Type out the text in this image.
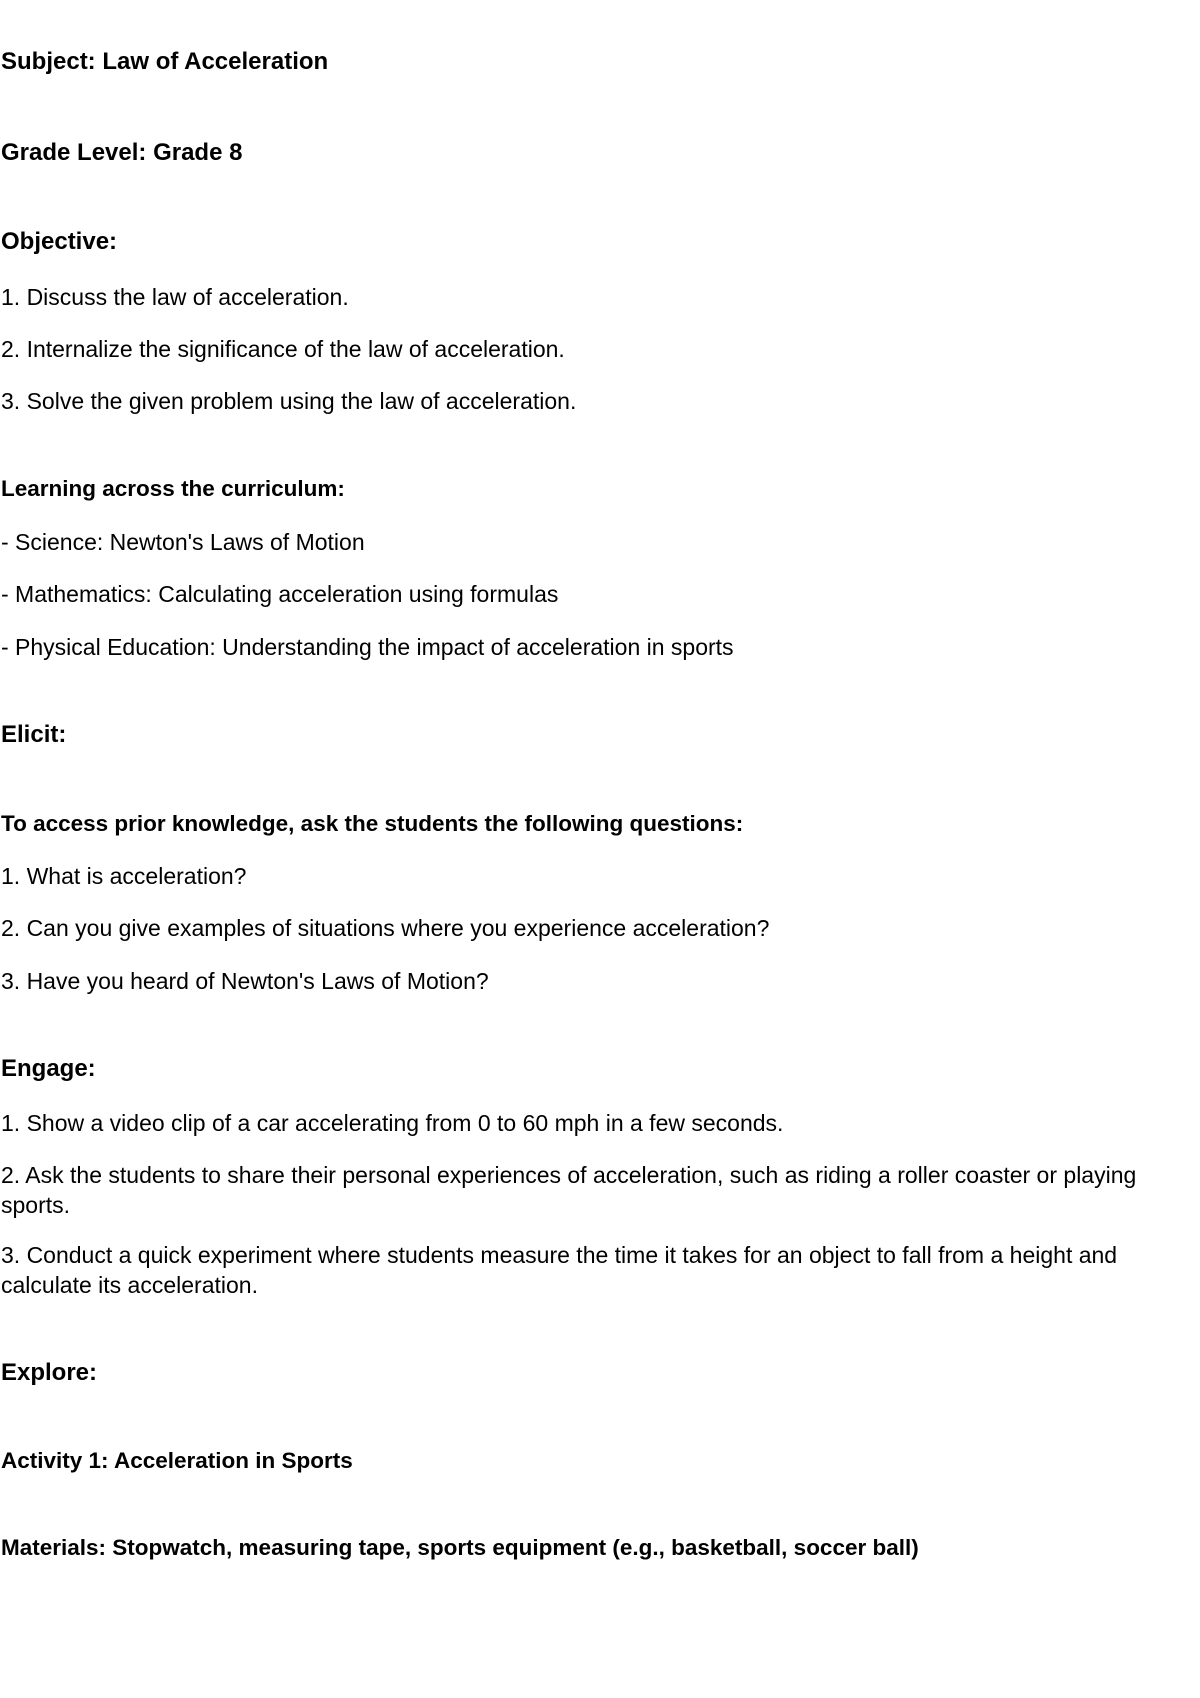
Subject: Law of Acceleration

Grade Level: Grade 8

Objective:

1. Discuss the law of acceleration.

2. Internalize the significance of the law of acceleration.

3. Solve the given problem using the law of acceleration.

Learning across the curriculum:

- Science: Newton's Laws of Motion

- Mathematics: Calculating acceleration using formulas

- Physical Education: Understanding the impact of acceleration in sports

Elicit:

To access prior knowledge, ask the students the following questions:

1. What is acceleration?

2. Can you give examples of situations where you experience acceleration?

3. Have you heard of Newton's Laws of Motion?

Engage:

1. Show a video clip of a car accelerating from 0 to 60 mph in a few seconds.

2. Ask the students to share their personal experiences of acceleration, such as riding a roller coaster or playing sports.

3. Conduct a quick experiment where students measure the time it takes for an object to fall from a height and calculate its acceleration.

Explore:

Activity 1: Acceleration in Sports

Materials: Stopwatch, measuring tape, sports equipment (e.g., basketball, soccer ball)
